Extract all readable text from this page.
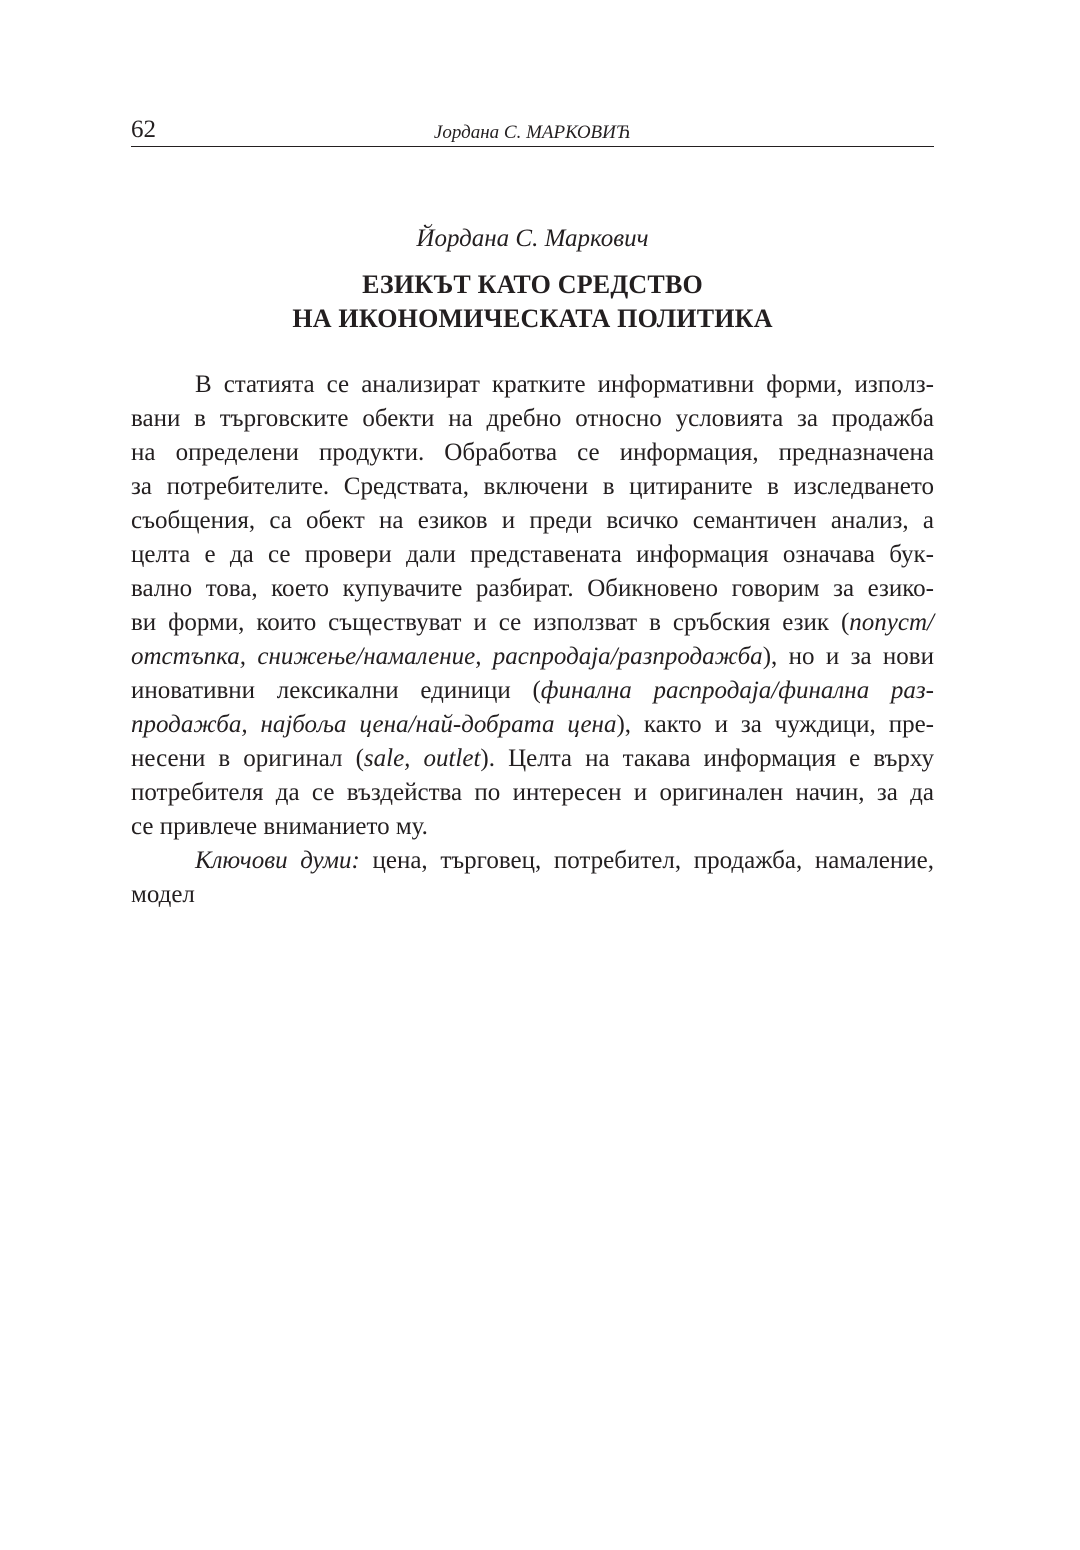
62	Јордана С. МАРКОВИЋ
Йордана С. Маркович
ЕЗИКЪТ КАТО СРЕДСТВО
НА ИКОНОМИЧЕСКАТА ПОЛИТИКА
В статията се анализират кратките информативни форми, използ-
вани в търговските обекти на дребно относно условията за продажба
на определени продукти. Обработва се информация, предназначена
за потребителите. Средствата, включени в цитираните в изследването
съобщения, са обект на езиков и преди всичко семантичен анализ, а
целта е да се провери дали представената информация означава бук-
вално това, което купувачите разбират. Обикновено говорим за езико-
ви форми, които съществуват и се използват в сръбския език (попуст/
отстъпка, снижење/намаление, распродаја/разпродажба), но и за нови
иновативни лексикални единици (финална распродаја/финална раз-
продажба, најбоља цена/най-добрата цена), както и за чуждици, пре-
несени в оригинал (sale, outlet). Целта на такава информация е върху
потребителя да се въздейства по интересен и оригинален начин, за да
се привлече вниманието му.
Ключови думи: цена, търговец, потребител, продажба, намаление,
модел
